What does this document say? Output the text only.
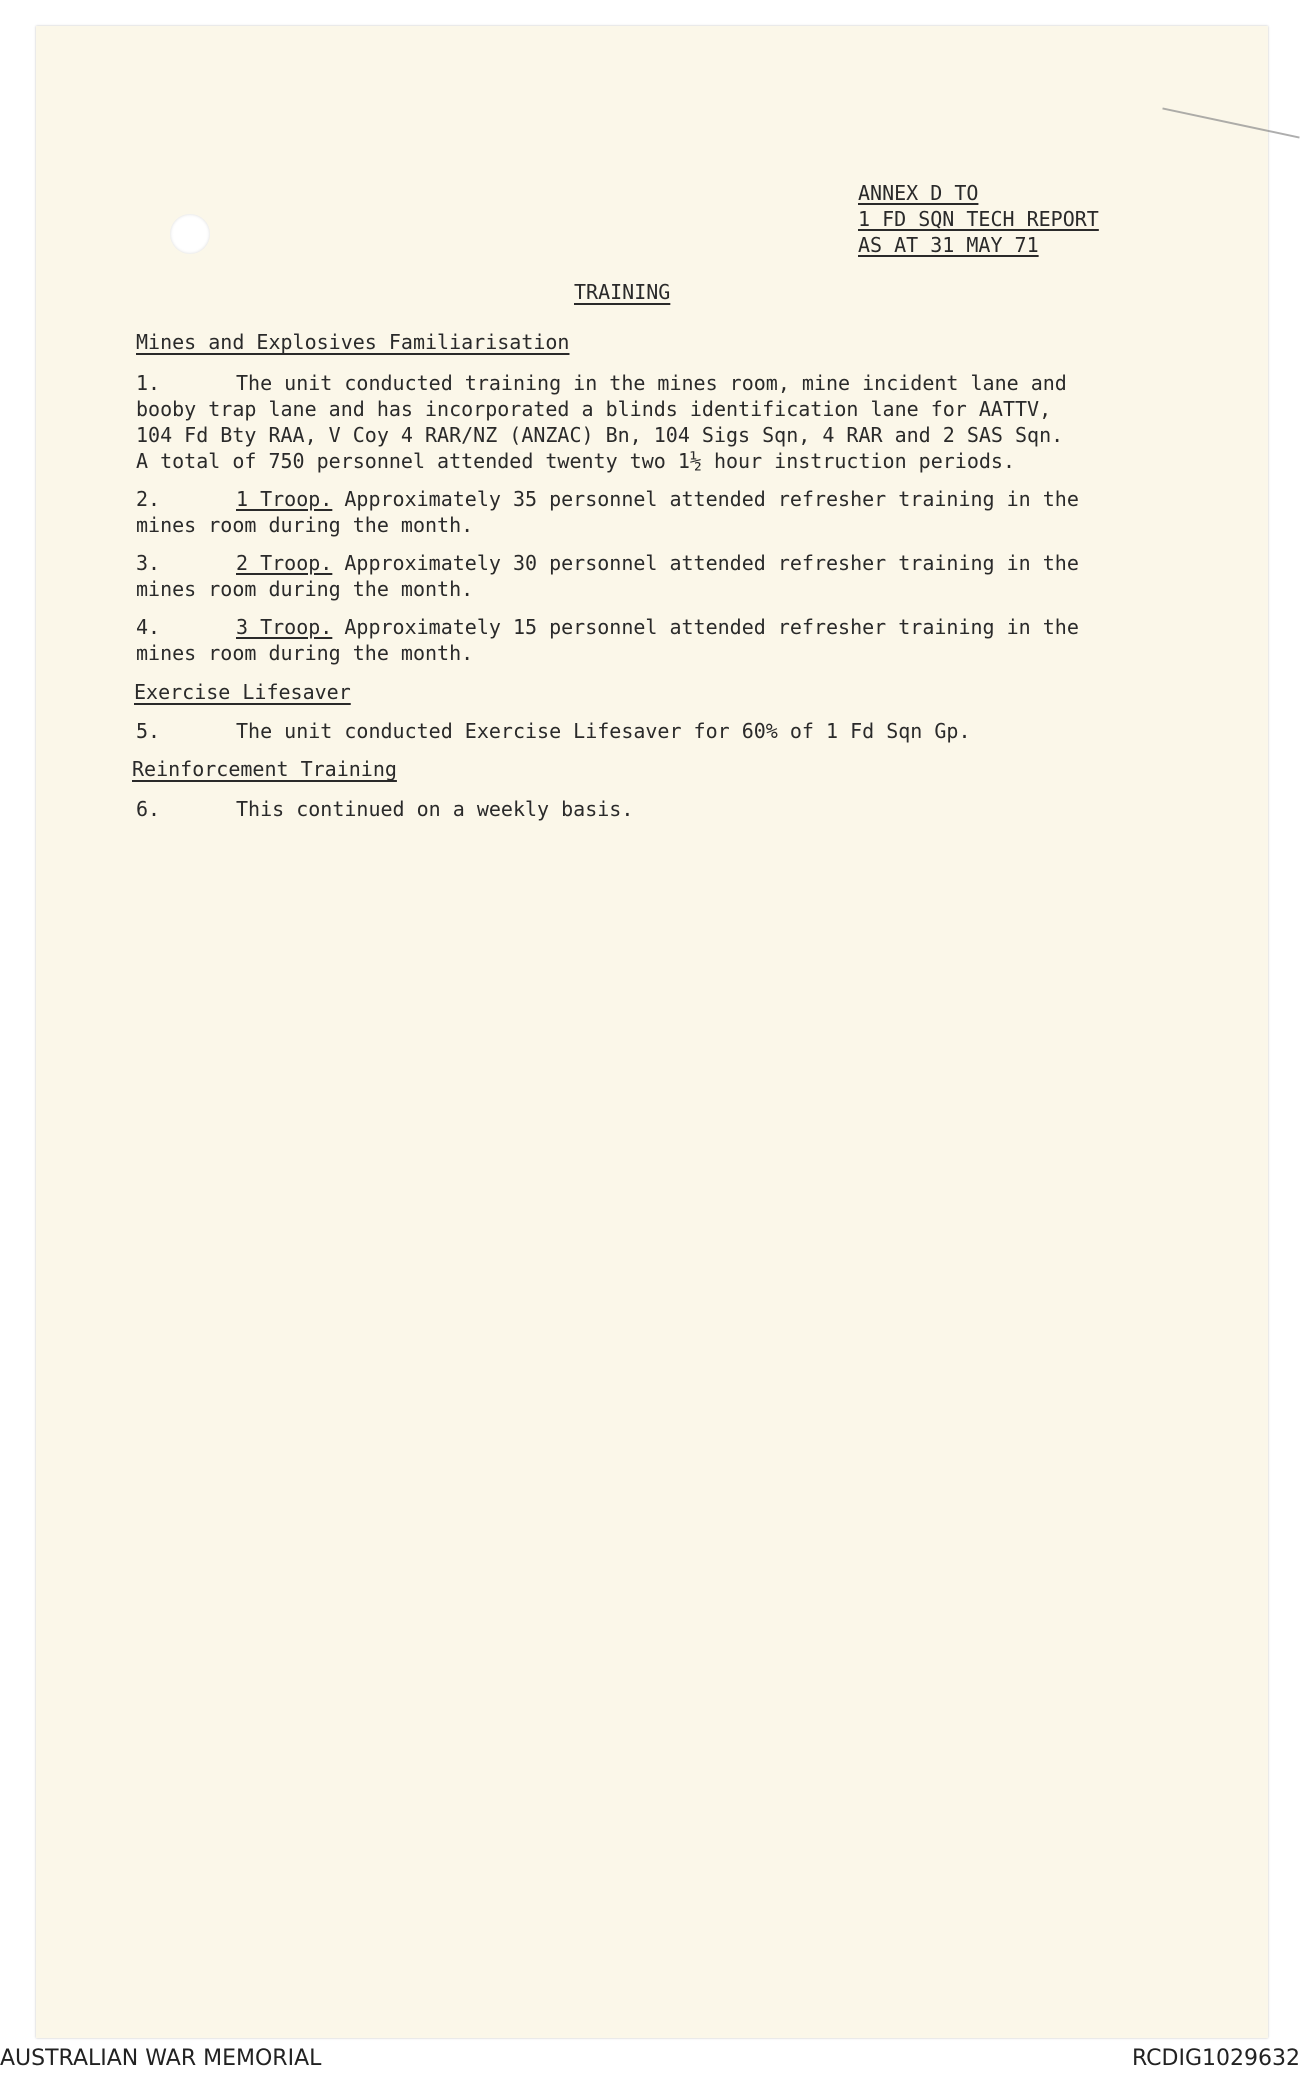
ANNEX D TO
1 FD SQN TECH REPORT
AS AT 31 MAY 71
TRAINING
Mines and Explosives Familiarisation
1.	The unit conducted training in the mines room, mine incident lane and
booby trap lane and has incorporated a blinds identification lane for AATTV,
104 Fd Bty RAA, V Coy 4 RAR/NZ (ANZAC) Bn, 104 Sigs Sqn, 4 RAR and 2 SAS Sqn.
A total of 750 personnel attended twenty two 1½ hour instruction periods.
2.	1 Troop. Approximately 35 personnel attended refresher training in the
mines room during the month.
3.	2 Troop. Approximately 30 personnel attended refresher training in the
mines room during the month.
4.	3 Troop. Approximately 15 personnel attended refresher training in the
mines room during the month.
Exercise Lifesaver
5.	The unit conducted Exercise Lifesaver for 60% of 1 Fd Sqn Gp.
Reinforcement Training
6.	This continued on a weekly basis.
AUSTRALIAN WAR MEMORIAL	RCDIG1029632
